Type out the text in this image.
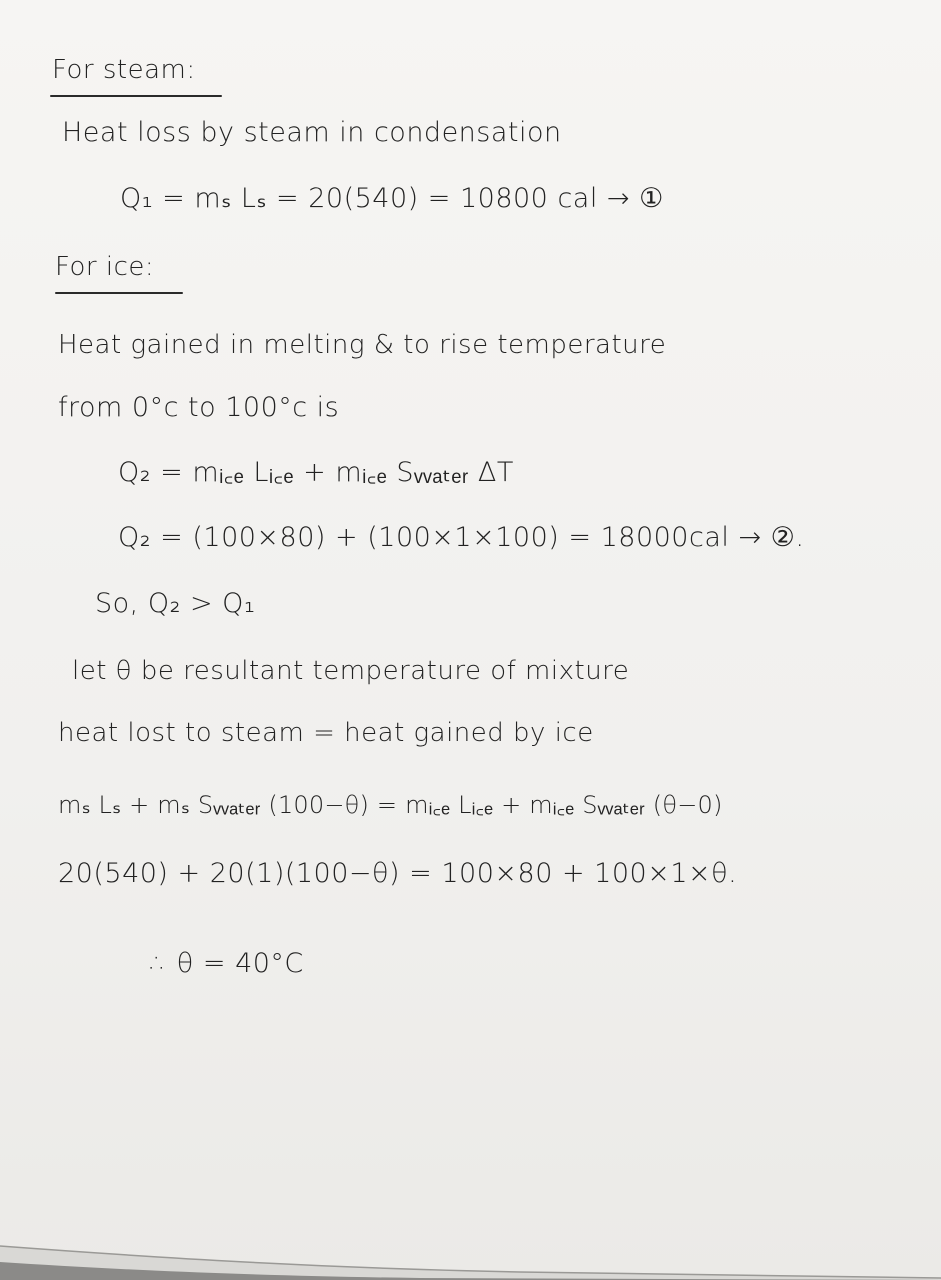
For steam:

Heat loss by steam in condensation

Q₁ = mₛ Lₛ = 20(540) = 10800 cal → ①

For ice:

Heat gained in melting & to rise temperature

from 0°c to 100°c is

Q₂ = mᵢ꜀ₑ Lᵢ꜀ₑ + mᵢ꜀ₑ Sᵥᵥₐₜₑᵣ ΔT

Q₂ = (100×80) + (100×1×100) = 18000cal → ②.

So, Q₂ > Q₁

let θ be resultant temperature of mixture

heat lost to steam = heat gained by ice

mₛ Lₛ + mₛ Sᵥᵥₐₜₑᵣ (100−θ) = mᵢ꜀ₑ Lᵢ꜀ₑ + mᵢ꜀ₑ Sᵥᵥₐₜₑᵣ (θ−0)

20(540) + 20(1)(100−θ) = 100×80 + 100×1×θ.

∴ θ = 40°C
